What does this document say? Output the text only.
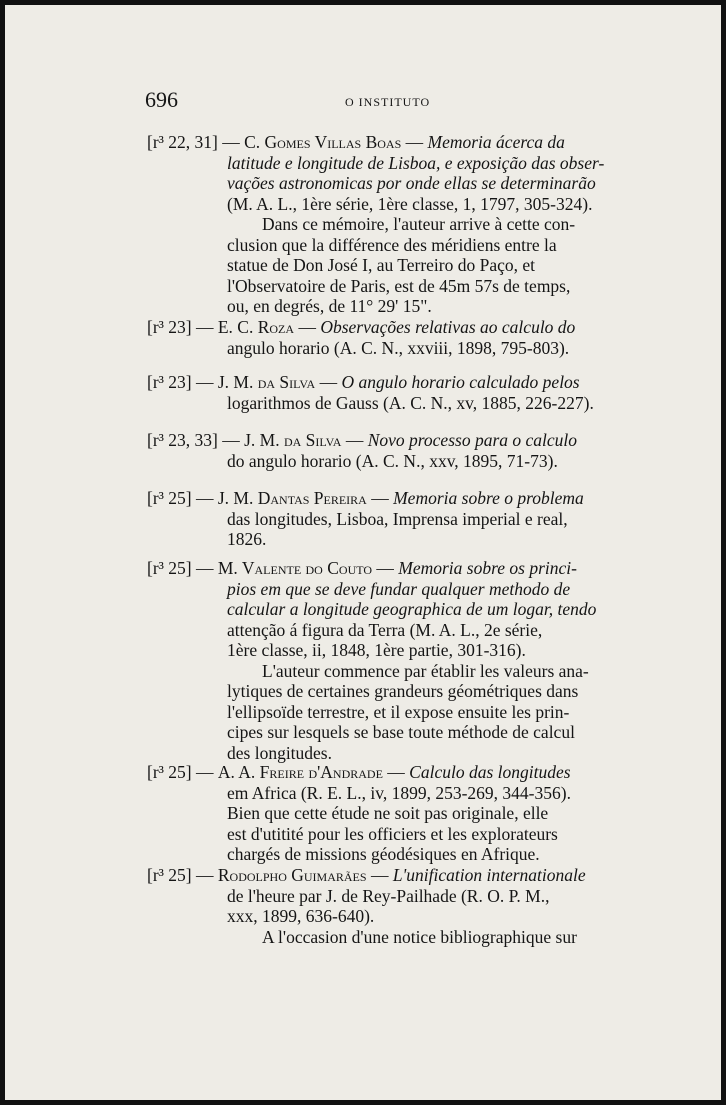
696	O INSTITUTO
[r³ 22, 31] — C. Gomes Villas Boas — Memoria ácerca da
latitude e longitude de Lisboa, e exposição das obser-
vações astronomicas por onde ellas se determinarão
(M. A. L., 1ère série, 1ère classe, 1, 1797, 305-324).
Dans ce mémoire, l'auteur arrive à cette con-
clusion que la différence des méridiens entre la
statue de Don José I, au Terreiro do Paço, et
l'Observatoire de Paris, est de 45m 57s de temps,
ou, en degrés, de 11° 29' 15".
[r³ 23] — E. C. Roza — Observações relativas ao calculo do
angulo horario (A. C. N., xxviii, 1898, 795-803).
[r³ 23] — J. M. da Silva — O angulo horario calculado pelos
logarithmos de Gauss (A. C. N., xv, 1885, 226-227).
[r³ 23, 33] — J. M. da Silva — Novo processo para o calculo
do angulo horario (A. C. N., xxv, 1895, 71-73).
[r³ 25] — J. M. Dantas Pereira — Memoria sobre o problema
das longitudes, Lisboa, Imprensa imperial e real,
1826.
[r³ 25] — M. Valente do Couto — Memoria sobre os princi-
pios em que se deve fundar qualquer methodo de
calcular a longitude geographica de um logar, tendo
attenção á figura da Terra (M. A. L., 2e série,
1ère classe, ii, 1848, 1ère partie, 301-316).
L'auteur commence par établir les valeurs ana-
lytiques de certaines grandeurs géométriques dans
l'ellipsoïde terrestre, et il expose ensuite les prin-
cipes sur lesquels se base toute méthode de calcul
des longitudes.
[r³ 25] — A. A. Freire d'Andrade — Calculo das longitudes
em Africa (R. E. L., iv, 1899, 253-269, 344-356).
Bien que cette étude ne soit pas originale, elle
est d'utitité pour les officiers et les explorateurs
chargés de missions géodésiques en Afrique.
[r³ 25] — Rodolpho Guimarães — L'unification internationale
de l'heure par J. de Rey-Pailhade (R. O. P. M.,
xxx, 1899, 636-640).
A l'occasion d'une notice bibliographique sur
